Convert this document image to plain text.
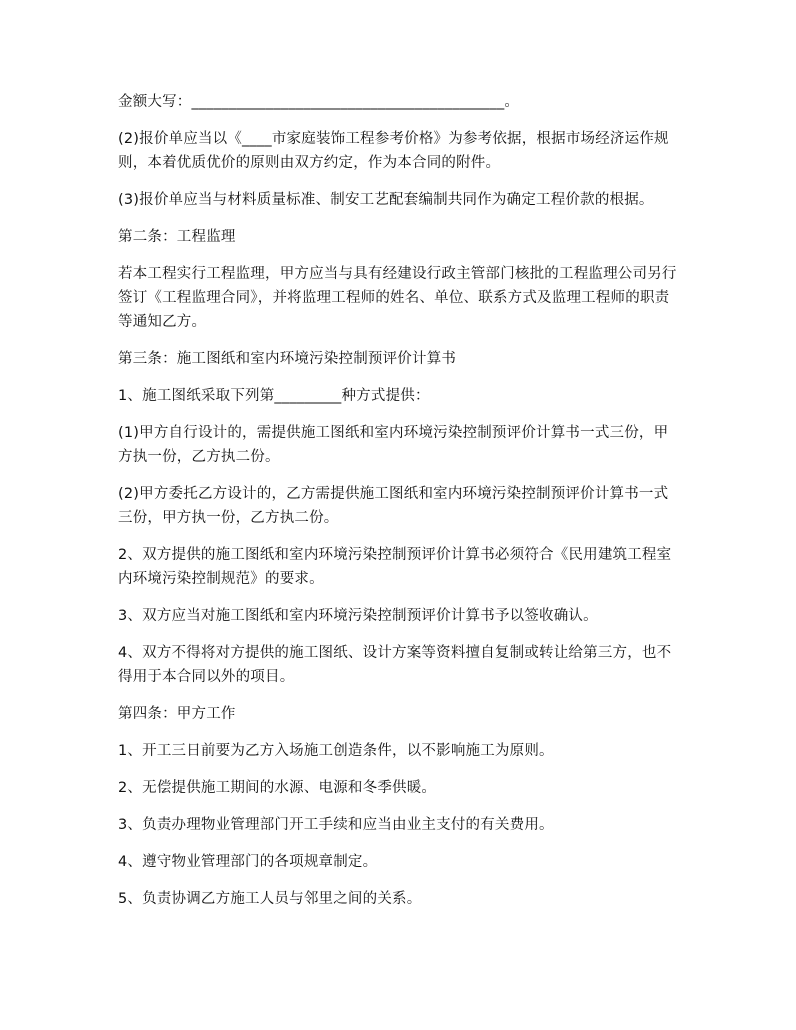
金额大写：__________________________________________。

(2)报价单应当以《____市家庭装饰工程参考价格》为参考依据，根据市场经济运作规则，本着优质优价的原则由双方约定，作为本合同的附件。

(3)报价单应当与材料质量标准、制安工艺配套编制共同作为确定工程价款的根据。

第二条：工程监理

若本工程实行工程监理，甲方应当与具有经建设行政主管部门核批的工程监理公司另行签订《工程监理合同》，并将监理工程师的姓名、单位、联系方式及监理工程师的职责等通知乙方。

第三条：施工图纸和室内环境污染控制预评价计算书

1、施工图纸采取下列第_________种方式提供：

(1)甲方自行设计的，需提供施工图纸和室内环境污染控制预评价计算书一式三份，甲方执一份，乙方执二份。

(2)甲方委托乙方设计的，乙方需提供施工图纸和室内环境污染控制预评价计算书一式三份，甲方执一份，乙方执二份。

2、双方提供的施工图纸和室内环境污染控制预评价计算书必须符合《民用建筑工程室内环境污染控制规范》的要求。

3、双方应当对施工图纸和室内环境污染控制预评价计算书予以签收确认。

4、双方不得将对方提供的施工图纸、设计方案等资料擅自复制或转让给第三方，也不得用于本合同以外的项目。

第四条：甲方工作

1、开工三日前要为乙方入场施工创造条件，以不影响施工为原则。

2、无偿提供施工期间的水源、电源和冬季供暖。

3、负责办理物业管理部门开工手续和应当由业主支付的有关费用。

4、遵守物业管理部门的各项规章制定。

5、负责协调乙方施工人员与邻里之间的关系。
